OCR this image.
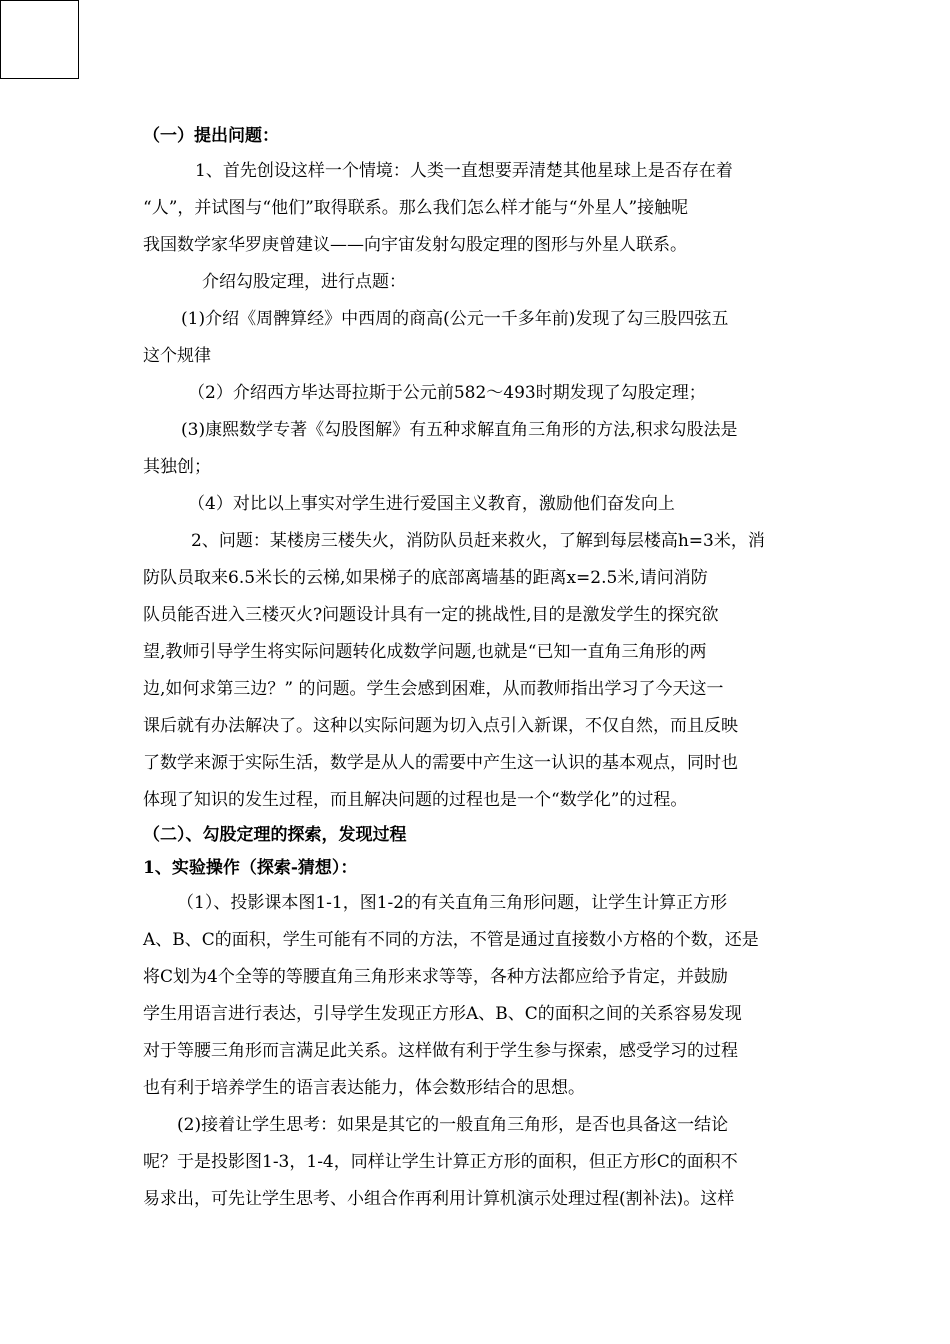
（一）提出问题：
1、首先创设这样一个情境：人类一直想要弄清楚其他星球上是否存在着
“人”，并试图与“他们”取得联系。那么我们怎么样才能与“外星人”接触呢
我国数学家华罗庚曾建议——向宇宙发射勾股定理的图形与外星人联系。
介绍勾股定理，进行点题：
(1)介绍《周髀算经》中西周的商高(公元一千多年前)发现了勾三股四弦五
这个规律
（2）介绍西方毕达哥拉斯于公元前582～493时期发现了勾股定理；
(3)康熙数学专著《勾股图解》有五种求解直角三角形的方法,积求勾股法是
其独创；
（4）对比以上事实对学生进行爱国主义教育，激励他们奋发向上
2、问题：某楼房三楼失火，消防队员赶来救火，了解到每层楼高h=3米，消
防队员取来6.5米长的云梯,如果梯子的底部离墙基的距离x=2.5米,请问消防
队员能否进入三楼灭火?问题设计具有一定的挑战性,目的是激发学生的探究欲
望,教师引导学生将实际问题转化成数学问题,也就是“已知一直角三角形的两
边,如何求第三边？” 的问题。学生会感到困难，从而教师指出学习了今天这一
课后就有办法解决了。这种以实际问题为切入点引入新课，不仅自然，而且反映
了数学来源于实际生活，数学是从人的需要中产生这一认识的基本观点，同时也
体现了知识的发生过程，而且解决问题的过程也是一个“数学化”的过程。
（二）、勾股定理的探索，发现过程
1、实验操作（探索-猜想）：
（1）、投影课本图1-1，图1-2的有关直角三角形问题，让学生计算正方形
A、B、C的面积，学生可能有不同的方法，不管是通过直接数小方格的个数，还是
将C划为4个全等的等腰直角三角形来求等等，各种方法都应给予肯定，并鼓励
学生用语言进行表达，引导学生发现正方形A、B、C的面积之间的关系容易发现
对于等腰三角形而言满足此关系。这样做有利于学生参与探索，感受学习的过程
也有利于培养学生的语言表达能力，体会数形结合的思想。
(2)接着让学生思考：如果是其它的一般直角三角形，是否也具备这一结论
呢？于是投影图1-3，1-4，同样让学生计算正方形的面积，但正方形C的面积不
易求出，可先让学生思考、小组合作再利用计算机演示处理过程(割补法)。这样
